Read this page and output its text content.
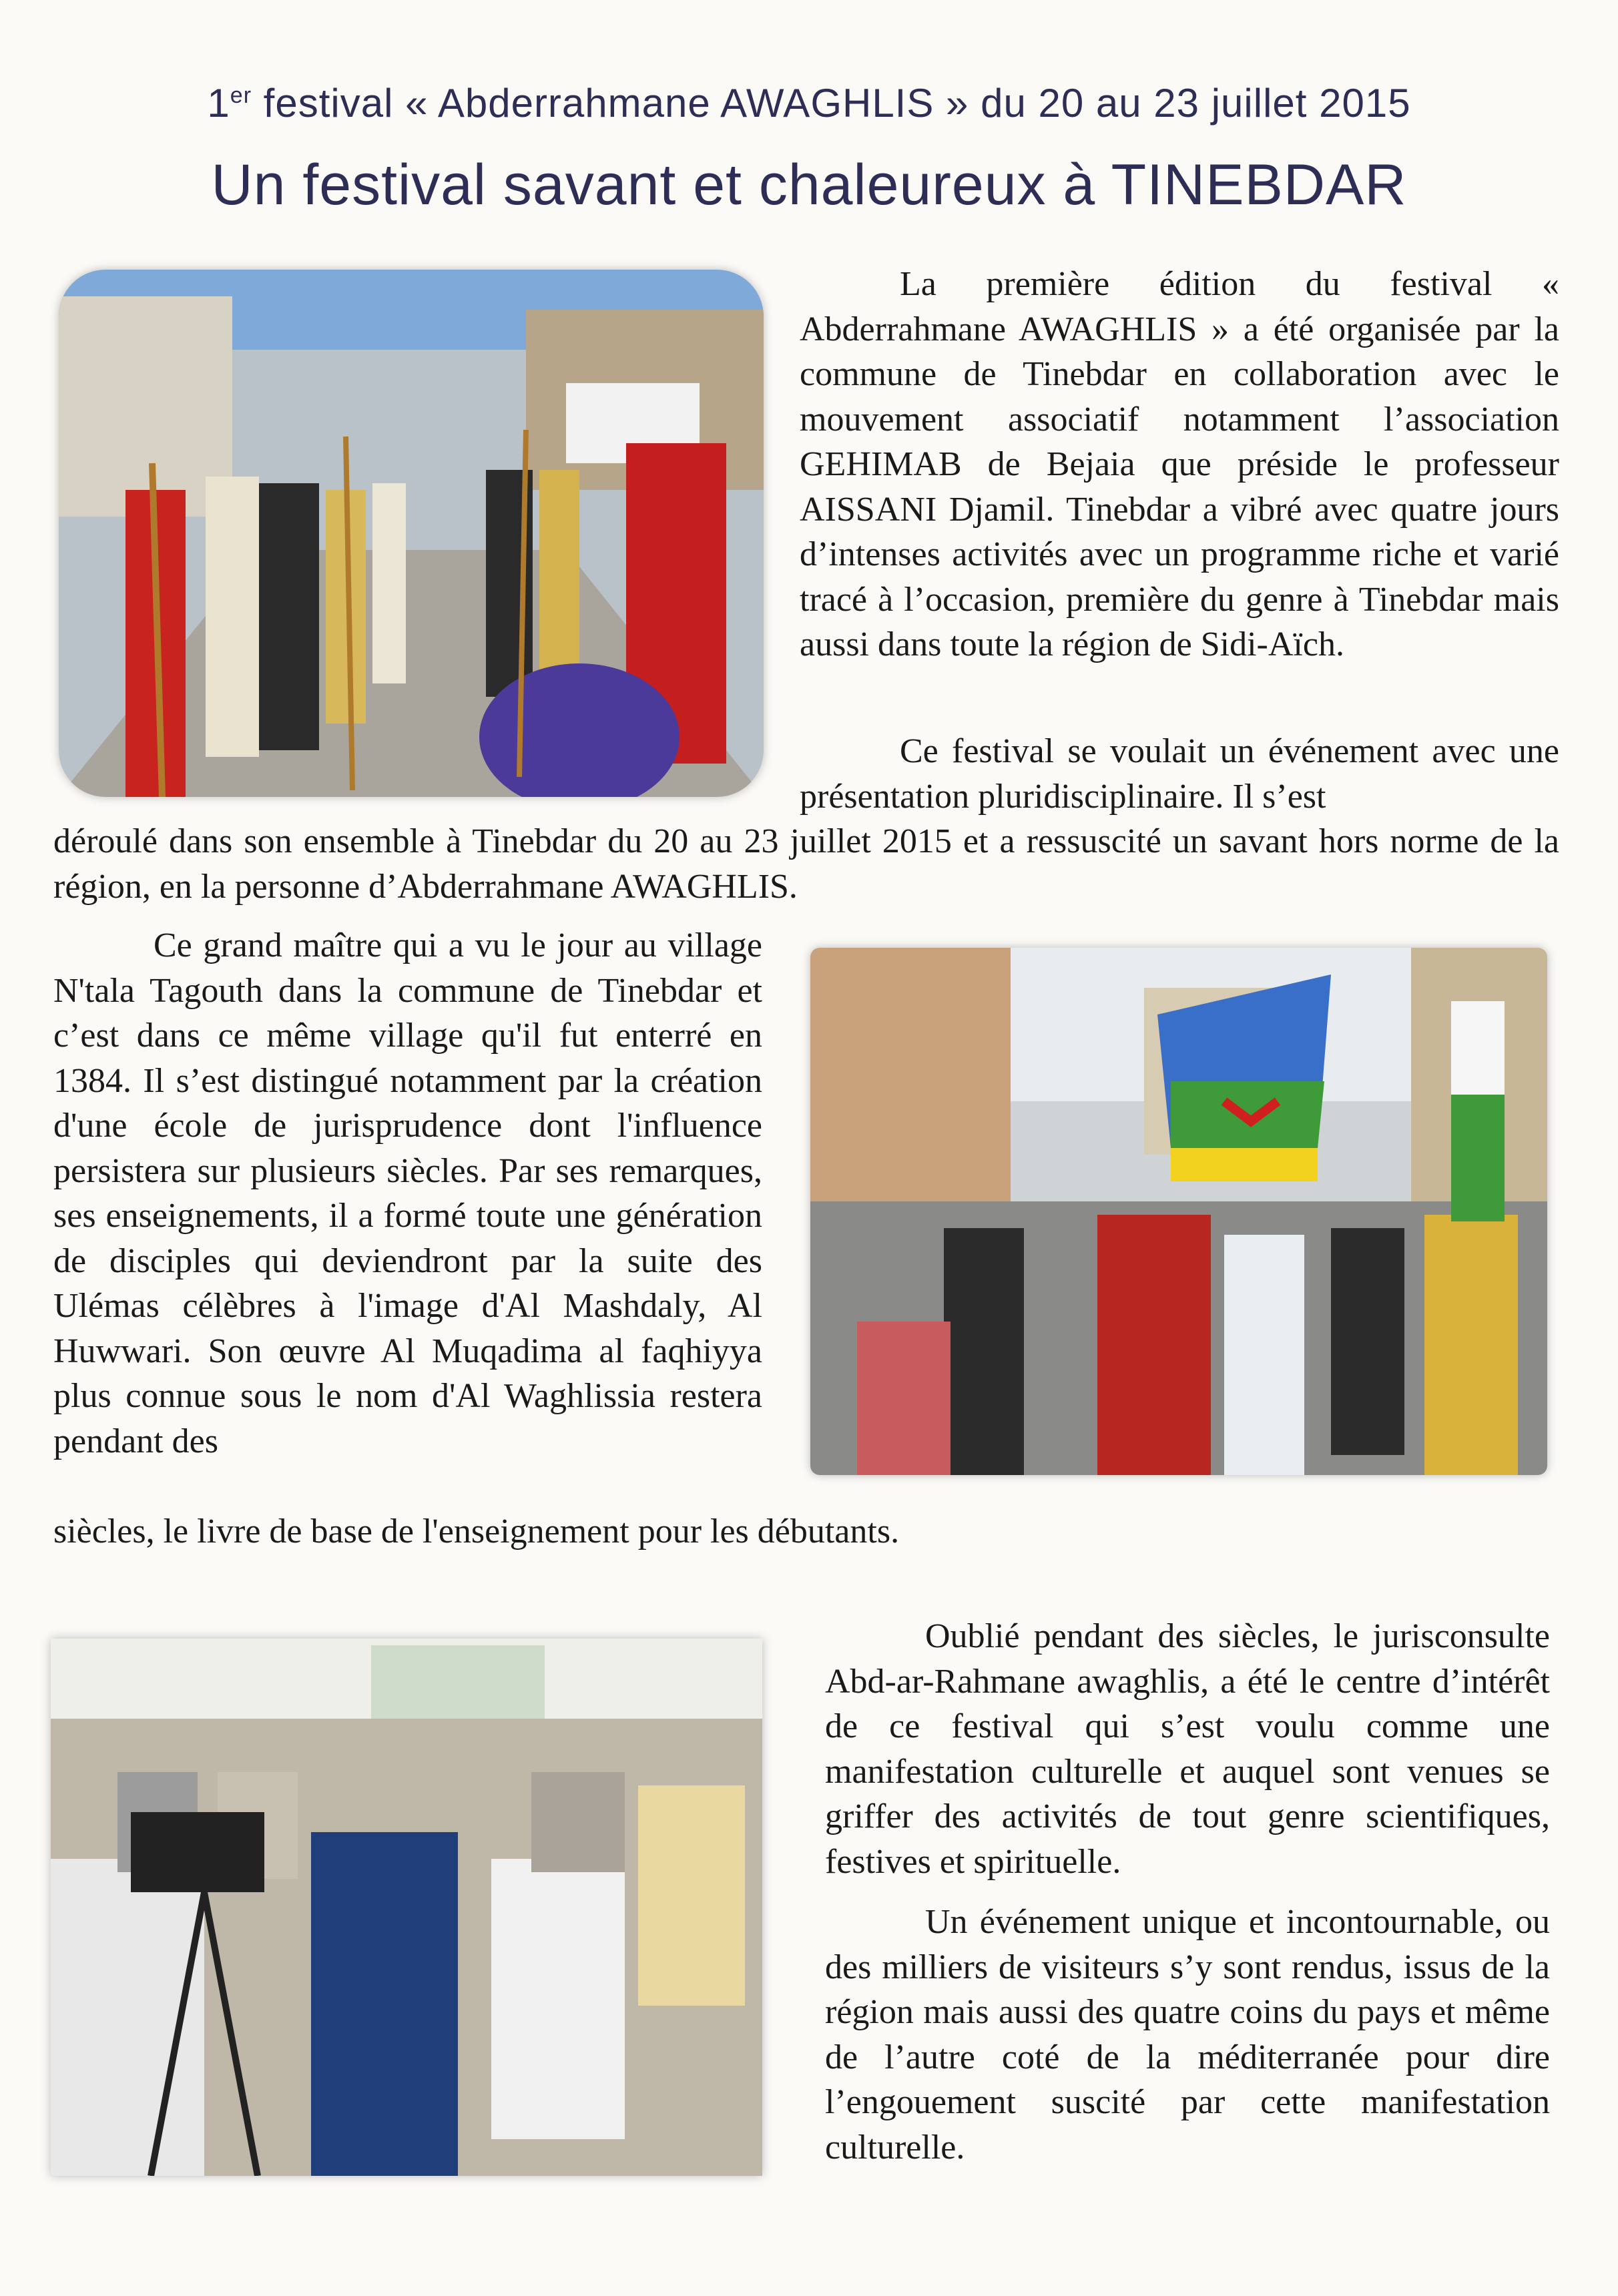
1er festival « Abderrahmane AWAGHLIS » du 20 au 23 juillet 2015
Un festival savant et chaleureux à TINEBDAR

La première édition du festival « Abderrahmane AWAGHLIS » a été organisée par la commune de Tinebdar en collaboration avec le mouvement associatif notamment l’association GEHIMAB de Bejaia que préside le professeur AISSANI Djamil. Tinebdar a vibré avec quatre jours d’intenses activités avec un programme riche et varié tracé à l’occasion, première du genre à Tinebdar mais aussi dans toute la région de Sidi-Aïch.

Ce festival se voulait un événement avec une présentation pluridisciplinaire. Il s’est

déroulé dans son ensemble à Tinebdar du 20 au 23 juillet 2015 et a ressuscité un savant hors norme de la région, en la personne d’Abderrahmane AWAGHLIS.

Ce grand maître qui a vu le jour au village N'tala Tagouth dans la commune de Tinebdar et c’est dans ce même village qu'il fut enterré en 1384. Il s’est distingué notamment par la création d'une école de jurisprudence dont l'influence persistera sur plusieurs siècles. Par ses remarques, ses enseignements, il a formé toute une génération de disciples qui deviendront par la suite des Ulémas célèbres à l'image d'Al Mashdaly, Al Huwwari. Son œuvre Al Muqadima al faqhiyya plus connue sous le nom d'Al Waghlissia restera pendant des

siècles, le livre de base de l'enseignement pour les débutants.

Oublié pendant des siècles, le jurisconsulte Abd-ar-Rahmane awaghlis, a été le centre d’intérêt de ce festival qui s’est voulu comme une manifestation culturelle et auquel sont venues se griffer des activités de tout genre scientifiques, festives et spirituelle.

Un événement unique et incontournable, ou des milliers de visiteurs s’y sont rendus, issus de la région mais aussi des quatre coins du pays et même de l’autre coté de la méditerranée pour dire l’engouement suscité par cette manifestation culturelle.
